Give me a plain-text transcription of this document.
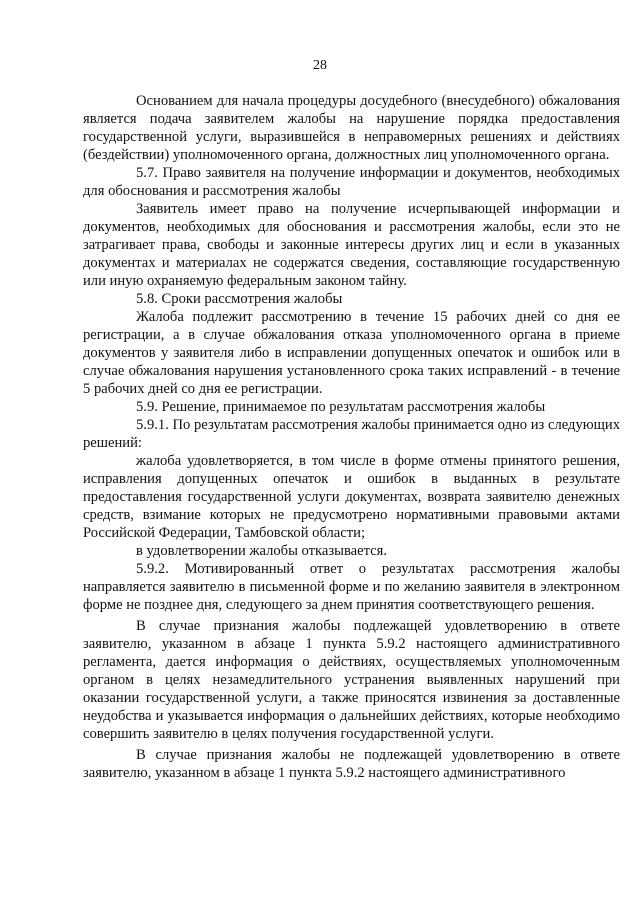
28

Основанием для начала процедуры досудебного (внесудебного) обжалования является подача заявителем жалобы на нарушение порядка предоставления государственной услуги, выразившейся в неправомерных решениях и действиях (бездействии) уполномоченного органа, должностных лиц уполномоченного органа.

5.7. Право заявителя на получение информации и документов, необходимых для обоснования и рассмотрения жалобы

Заявитель имеет право на получение исчерпывающей информации и документов, необходимых для обоснования и рассмотрения жалобы, если это не затрагивает права, свободы и законные интересы других лиц и если в указанных документах и материалах не содержатся сведения, составляющие государственную или иную охраняемую федеральным законом тайну.

5.8. Сроки рассмотрения жалобы

Жалоба подлежит рассмотрению в течение 15 рабочих дней со дня ее регистрации, а в случае обжалования отказа уполномоченного органа в приеме документов у заявителя либо в исправлении допущенных опечаток и ошибок или в случае обжалования нарушения установленного срока таких исправлений - в течение 5 рабочих дней со дня ее регистрации.

5.9. Решение, принимаемое по результатам рассмотрения жалобы

5.9.1. По результатам рассмотрения жалобы принимается одно из следующих решений:

жалоба удовлетворяется, в том числе в форме отмены принятого решения, исправления допущенных опечаток и ошибок в выданных в результате предоставления государственной услуги документах, возврата заявителю денежных средств, взимание которых не предусмотрено нормативными правовыми актами Российской Федерации, Тамбовской области;

в удовлетворении жалобы отказывается.

5.9.2. Мотивированный ответ о результатах рассмотрения жалобы направляется заявителю в письменной форме и по желанию заявителя в электронном форме не позднее дня, следующего за днем принятия соответствующего решения.

В случае признания жалобы подлежащей удовлетворению в ответе заявителю, указанном в абзаце 1 пункта 5.9.2 настоящего административного регламента, дается информация о действиях, осуществляемых уполномоченным органом в целях незамедлительного устранения выявленных нарушений при оказании государственной услуги, а также приносятся извинения за доставленные неудобства и указывается информация о дальнейших действиях, которые необходимо совершить заявителю в целях получения государственной услуги.

В случае признания жалобы не подлежащей удовлетворению в ответе заявителю, указанном в абзаце 1 пункта 5.9.2 настоящего административного
